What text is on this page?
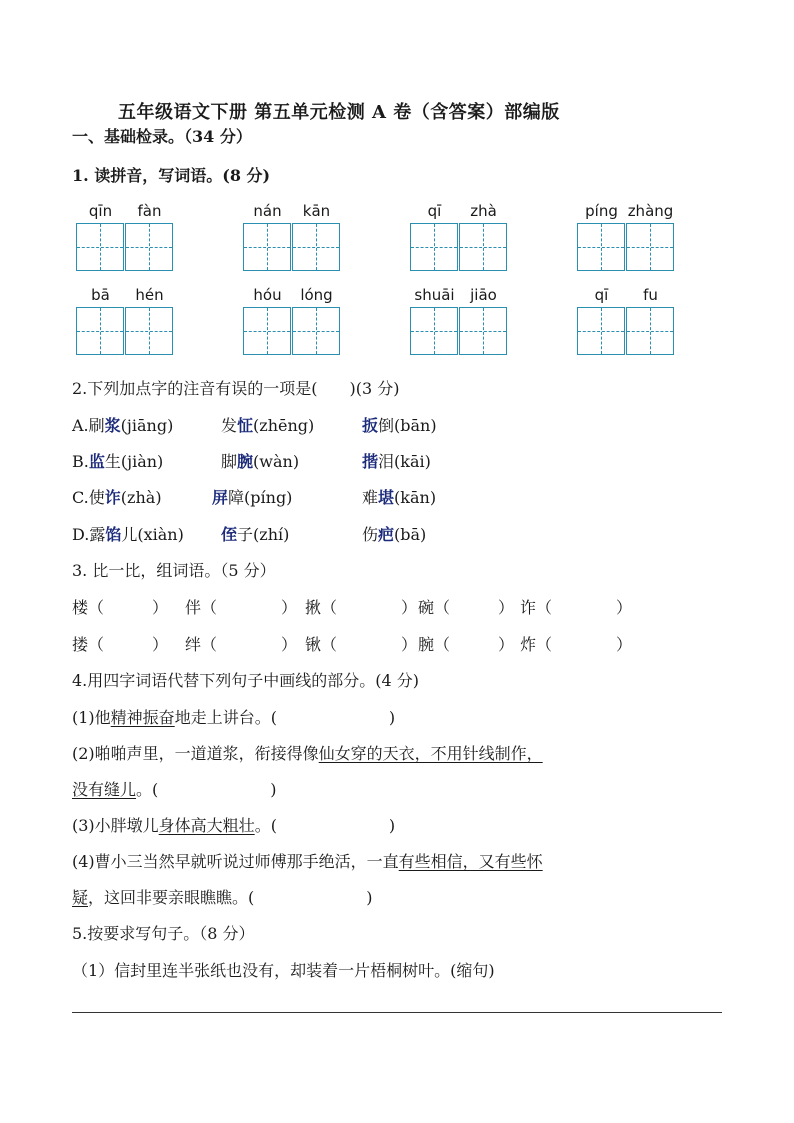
五年级语文下册 第五单元检测 A 卷（含答案）部编版
一、基础检录。（34 分）
1. 读拼音，写词语。(8 分)
qīn	fàn	nán	kān	qī	zhà	píng zhàng
bā	hén	hóu	lóng	shuāi	jiāo	qī	fu
2.下列加点字的注音有误的一项是(　　)(3 分)
A.刷浆(jiāng)	发怔(zhēng)	扳倒(bān)
B.监生(jiàn)	脚腕(wàn)	揩泪(kāi)
C.使诈(zhà)	屏障(píng)	难堪(kān)
D.露馅儿(xiàn) 侄子(zhí)	伤疤(bā)
3. 比一比，组词语。（5 分）
楼（　　　） 伴（　　　　） 揪（　　　　） 碗（　　　） 诈（　　　　）
搂（　　　） 绊（　　　　） 锹（　　　　） 腕（　　　） 炸（　　　　）
4.用四字词语代替下列句子中画线的部分。(4 分)
(1)他精神振奋地走上讲台。(　　　　　　　)
(2)啪啪声里，一道道浆，衔接得像仙女穿的天衣，不用针线制作，
没有缝儿。(　　　　　　　)
(3)小胖墩儿身体高大粗壮。(　　　　　　　)
(4)曹小三当然早就听说过师傅那手绝活，一直有些相信，又有些怀
疑，这回非要亲眼瞧瞧。(　　　　　　　)
5.按要求写句子。（8 分）
（1）信封里连半张纸也没有，却装着一片梧桐树叶。(缩句)
